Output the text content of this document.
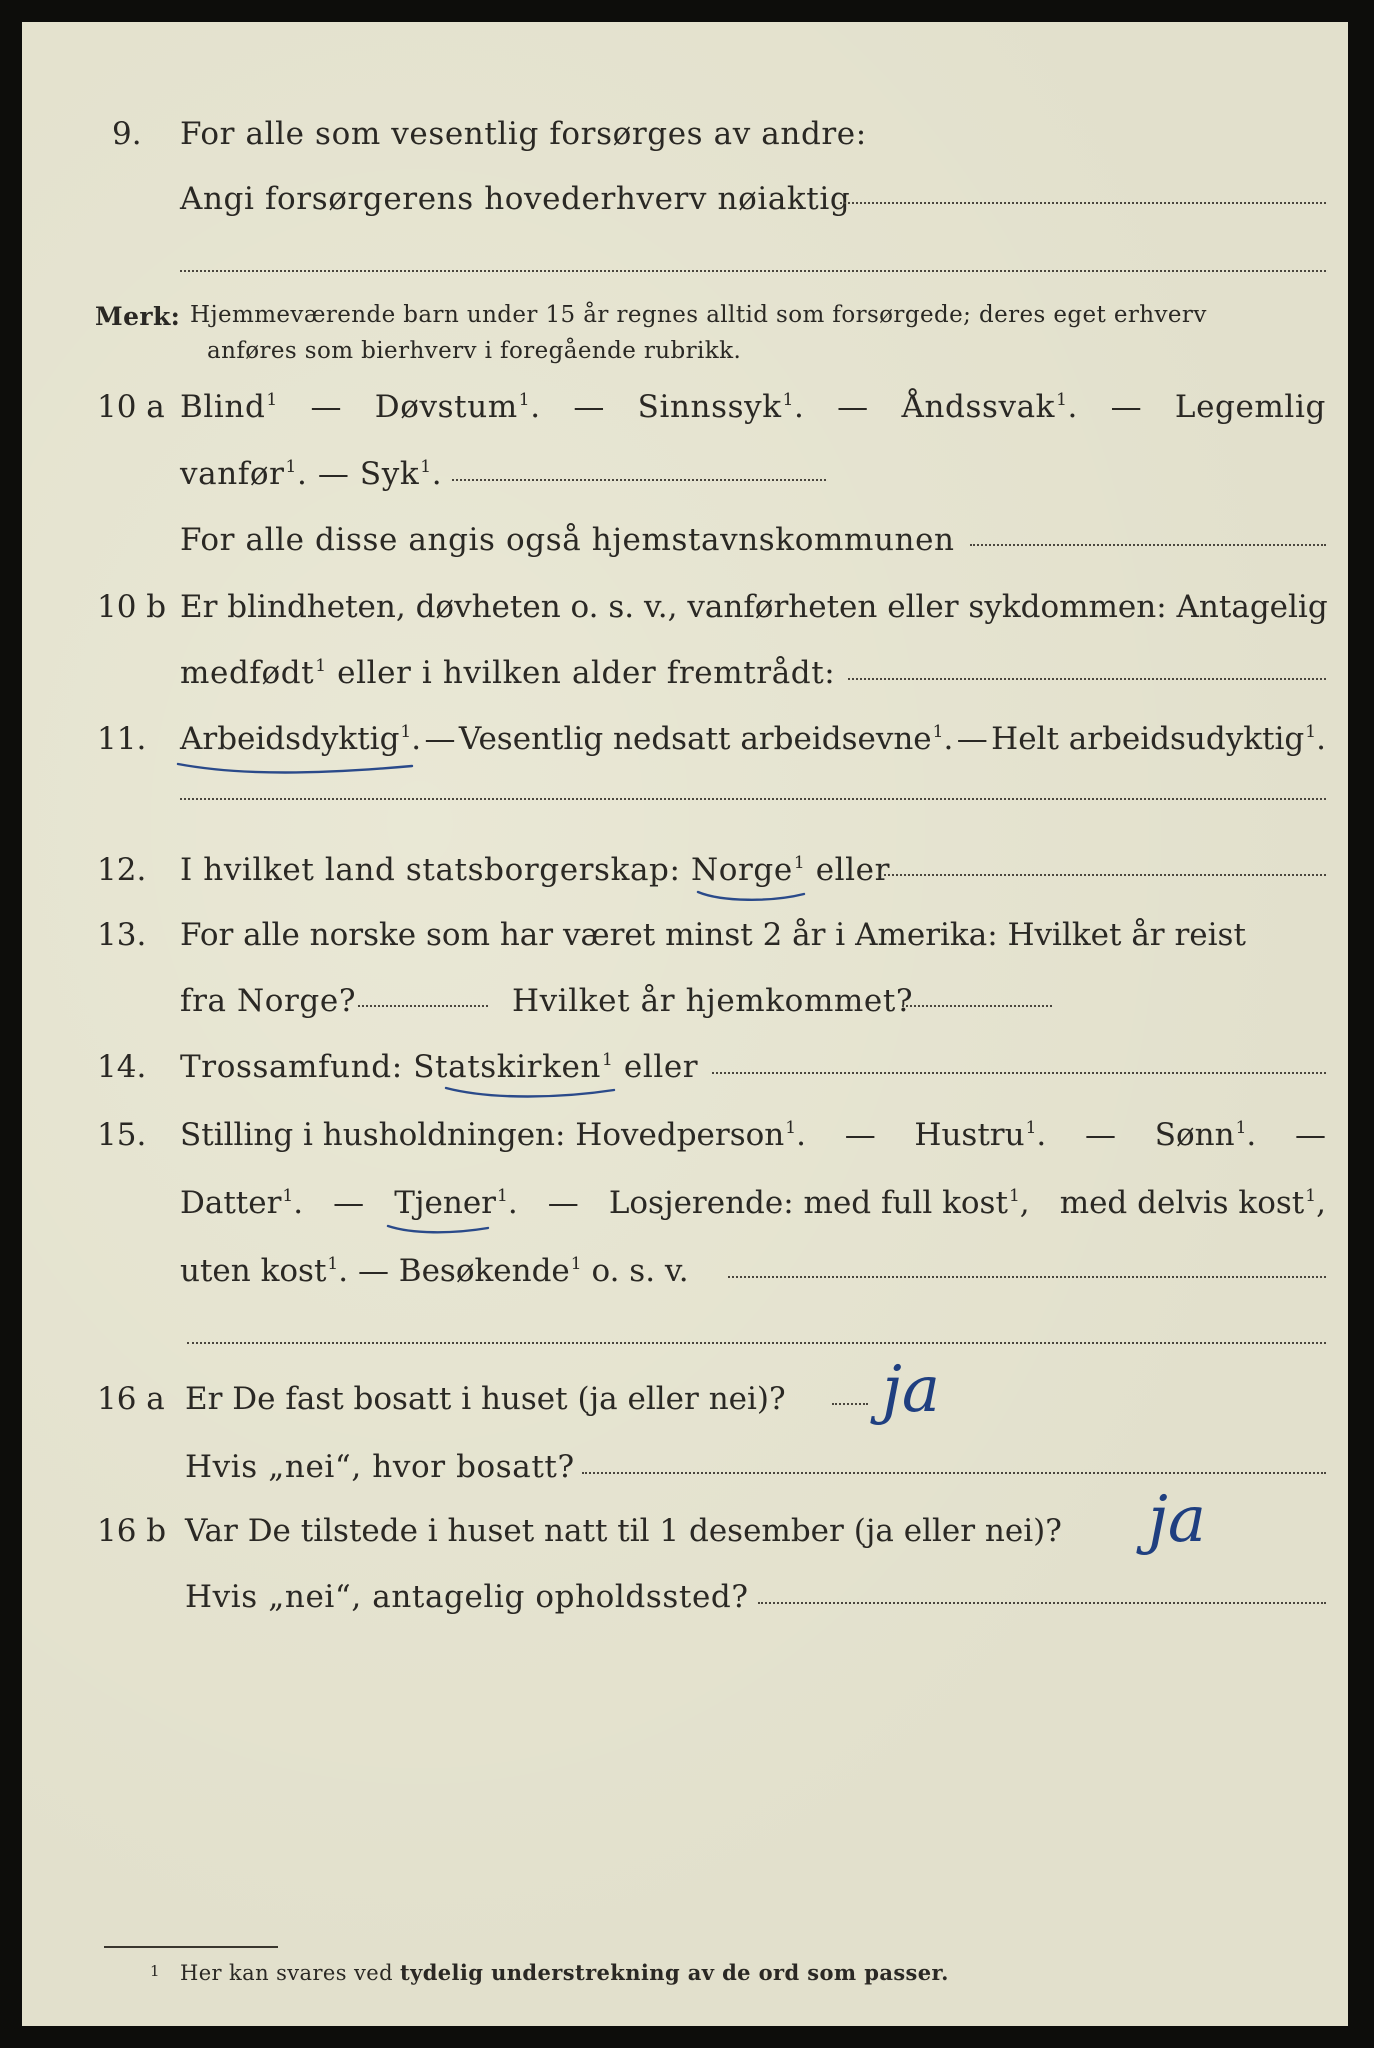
9. For alle som vesentlig forsørges av andre:
Angi forsørgerens hovederhverv nøiaktig
Merk: Hjemmeværende barn under 15 år regnes alltid som forsørgede; deres eget erhverv
anføres som bierhverv i foregående rubrikk.
10 a Blind$^1$ — Døvstum$^1$. — Sinnssyk$^1$. — Åndssvak$^1$. — Legemlig
vanfør$^1$. — Syk$^1$.
For alle disse angis også hjemstavnskommunen
10 b Er blindheten, døvheten o. s. v., vanførheten eller sykdommen: Antagelig
medfødt$^1$ eller i hvilken alder fremtrådt:
11. Arbeidsdyktig$^1$. — Vesentlig nedsatt arbeidsevne$^1$. — Helt arbeidsudyktig$^1$.
12. I hvilket land statsborgerskap: Norge$^1$ eller
13. For alle norske som har været minst 2 år i Amerika: Hvilket år reist
fra Norge?	Hvilket år hjemkommet?
14. Trossamfund: Statskirken$^1$ eller
15. Stilling i husholdningen: Hovedperson$^1$. — Hustru$^1$. — Sønn$^1$. —
Datter$^1$. — Tjener$^1$. — Losjerende: med full kost$^1$, med delvis kost$^1$,
uten kost$^1$. — Besøkende$^1$ o. s. v.
16 a Er De fast bosatt i huset (ja eller nei)? ja
Hvis „nei“, hvor bosatt?
16 b Var De tilstede i huset natt til 1 desember (ja eller nei)? ja
Hvis „nei“, antagelig opholdssted?
1 Her kan svares ved tydelig understrekning av de ord som passer.
